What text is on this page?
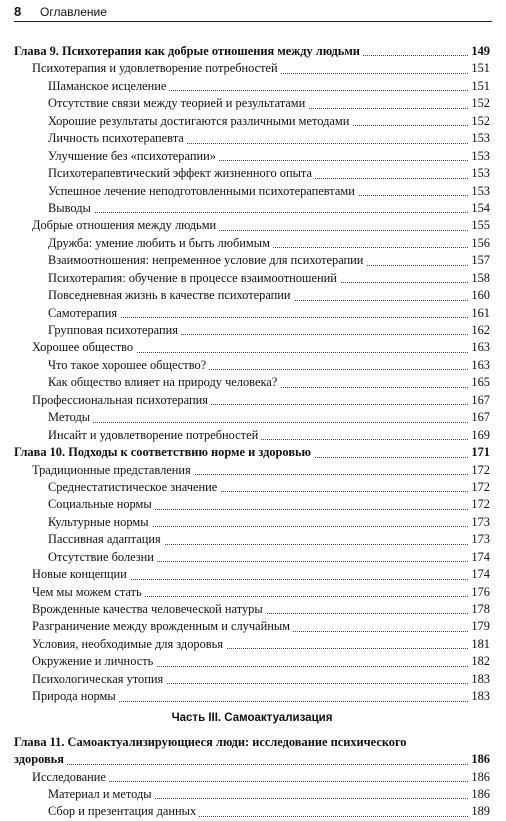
8 Оглавление
Глава 9. Психотерапия как добрые отношения между людьми	149
Психотерапия и удовлетворение потребностей	151
Шаманское исцеление	151
Отсутствие связи между теорией и результатами	152
Хорошие результаты достигаются различными методами	152
Личность психотерапевта	153
Улучшение без «психотерапии»	153
Психотерапевтический эффект жизненного опыта	153
Успешное лечение неподготовленными психотерапевтами	153
Выводы	154
Добрые отношения между людьми	155
Дружба: умение любить и быть любимым	156
Взаимоотношения: непременное условие для психотерапии	157
Психотерапия: обучение в процессе взаимоотношений	158
Повседневная жизнь в качестве психотерапии	160
Самотерапия	161
Групповая психотерапия	162
Хорошее общество	163
Что такое хорошее общество?	163
Как общество влияет на природу человека?	165
Профессиональная психотерапия	167
Методы	167
Инсайт и удовлетворение потребностей	169
Глава 10. Подходы к соответствию норме и здоровью	171
Традиционные представления	172
Среднестатистическое значение	172
Социальные нормы	172
Культурные нормы	173
Пассивная адаптация	173
Отсутствие болезни	174
Новые концепции	174
Чем мы можем стать	176
Врожденные качества человеческой натуры	178
Разграничение между врожденным и случайным	179
Условия, необходимые для здоровья	181
Окружение и личность	182
Психологическая утопия	183
Природа нормы	183
Часть III. Самоактуализация
Глава 11. Самоактуализирующиеся люди: исследование психического
здоровья	186
Исследование	186
Материал и методы	186
Сбор и презентация данных	189
